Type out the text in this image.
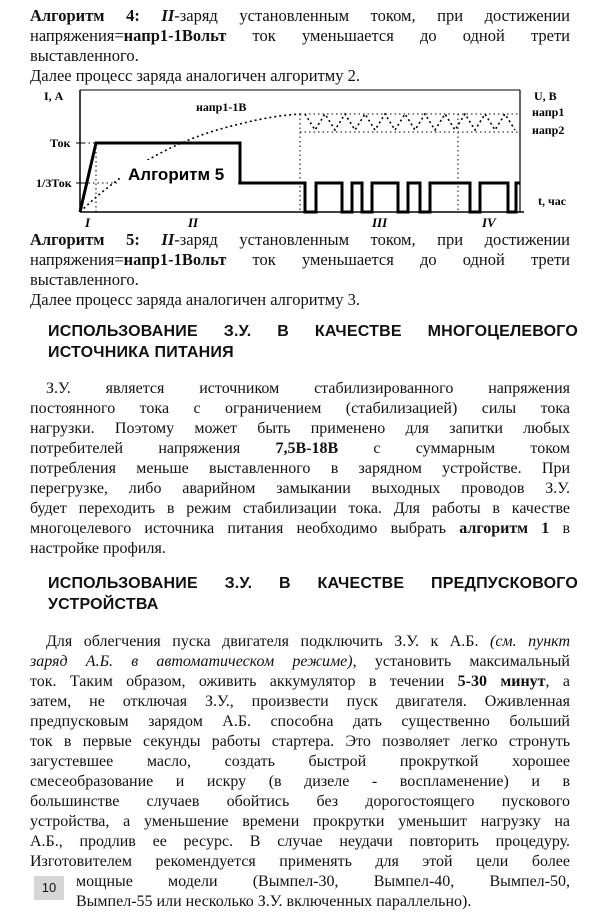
Алгоритм 4: II-заряд установленным током, при достижении
напряжения=напр1-1Вольт ток уменьшается до одной трети
выставленного.
Далее процесс заряда аналогичен алгоритму 2.
I, А	U, В
t, час
Ток
1/3Ток
напр1
напр2
напр1-1В
Алгоритм 5
I	II	III	IV
Алгоритм 5: II-заряд установленным током, при достижении
напряжения=напр1-1Вольт ток уменьшается до одной трети
выставленного.
Далее процесс заряда аналогичен алгоритму 3.
ИСПОЛЬЗОВАНИЕ З.У. В КАЧЕСТВЕ МНОГОЦЕЛЕВОГО
ИСТОЧНИКА ПИТАНИЯ
З.У. является источником стабилизированного напряжения
постоянного тока с ограничением (стабилизацией) силы тока
нагрузки. Поэтому может быть применено для запитки любых
потребителей напряжения 7,5В-18В с суммарным током
потребления меньше выставленного в зарядном устройстве. При
перегрузке, либо аварийном замыкании выходных проводов З.У.
будет переходить в режим стабилизации тока. Для работы в качестве
многоцелевого источника питания необходимо выбрать алгоритм 1 в
настройке профиля.
ИСПОЛЬЗОВАНИЕ З.У. В КАЧЕСТВЕ ПРЕДПУСКОВОГО
УСТРОЙСТВА
Для облегчения пуска двигателя подключить З.У. к А.Б. (см. пункт
заряд А.Б. в автоматическом режиме), установить максимальный
ток. Таким образом, оживить аккумулятор в течении 5-30 минут, а
затем, не отключая З.У., произвести пуск двигателя. Оживленная
предпусковым зарядом А.Б. способна дать существенно больший
ток в первые секунды работы стартера. Это позволяет легко стронуть
загустевшее масло, создать быстрой прокруткой хорошее
смесеобразование и искру (в дизеле - воспламенение) и в
большинстве случаев обойтись без дорогостоящего пускового
устройства, а уменьшение времени прокрутки уменьшит нагрузку на
А.Б., продлив ее ресурс. В случае неудачи повторить процедуру.
Изготовителем рекомендуется применять для этой цели более
мощные модели (Вымпел-30, Вымпел-40, Вымпел-50,
Вымпел-55 или несколько З.У. включенных параллельно).
10
